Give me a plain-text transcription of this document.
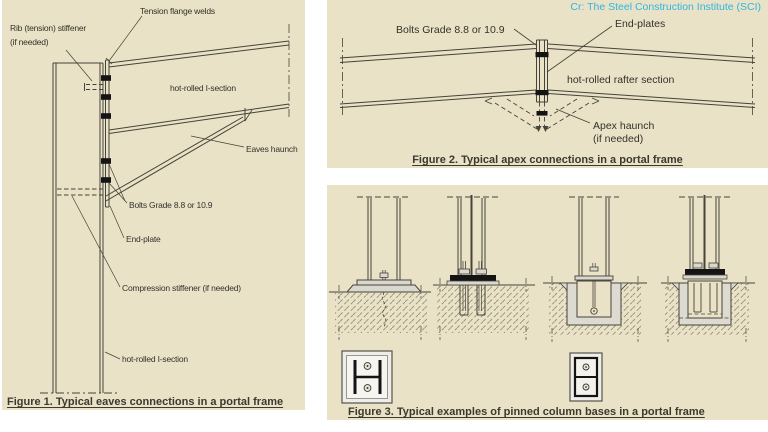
Rib (tension) stiffener
(if needed)
Tension flange welds
hot-rolled I-section
Eaves haunch
Bolts Grade 8.8 or 10.9
End-plate
Compression stiffener (if needed)
hot-rolled I-section
Figure 1. Typical eaves connections in a portal frame
Cr: The Steel Construction Institute (SCI)
Bolts Grade 8.8 or 10.9	End-plates
hot-rolled rafter section
Apex haunch
(if needed)
Figure 2. Typical apex connections in a portal frame
Figure 3. Typical examples of pinned column bases in a portal frame
